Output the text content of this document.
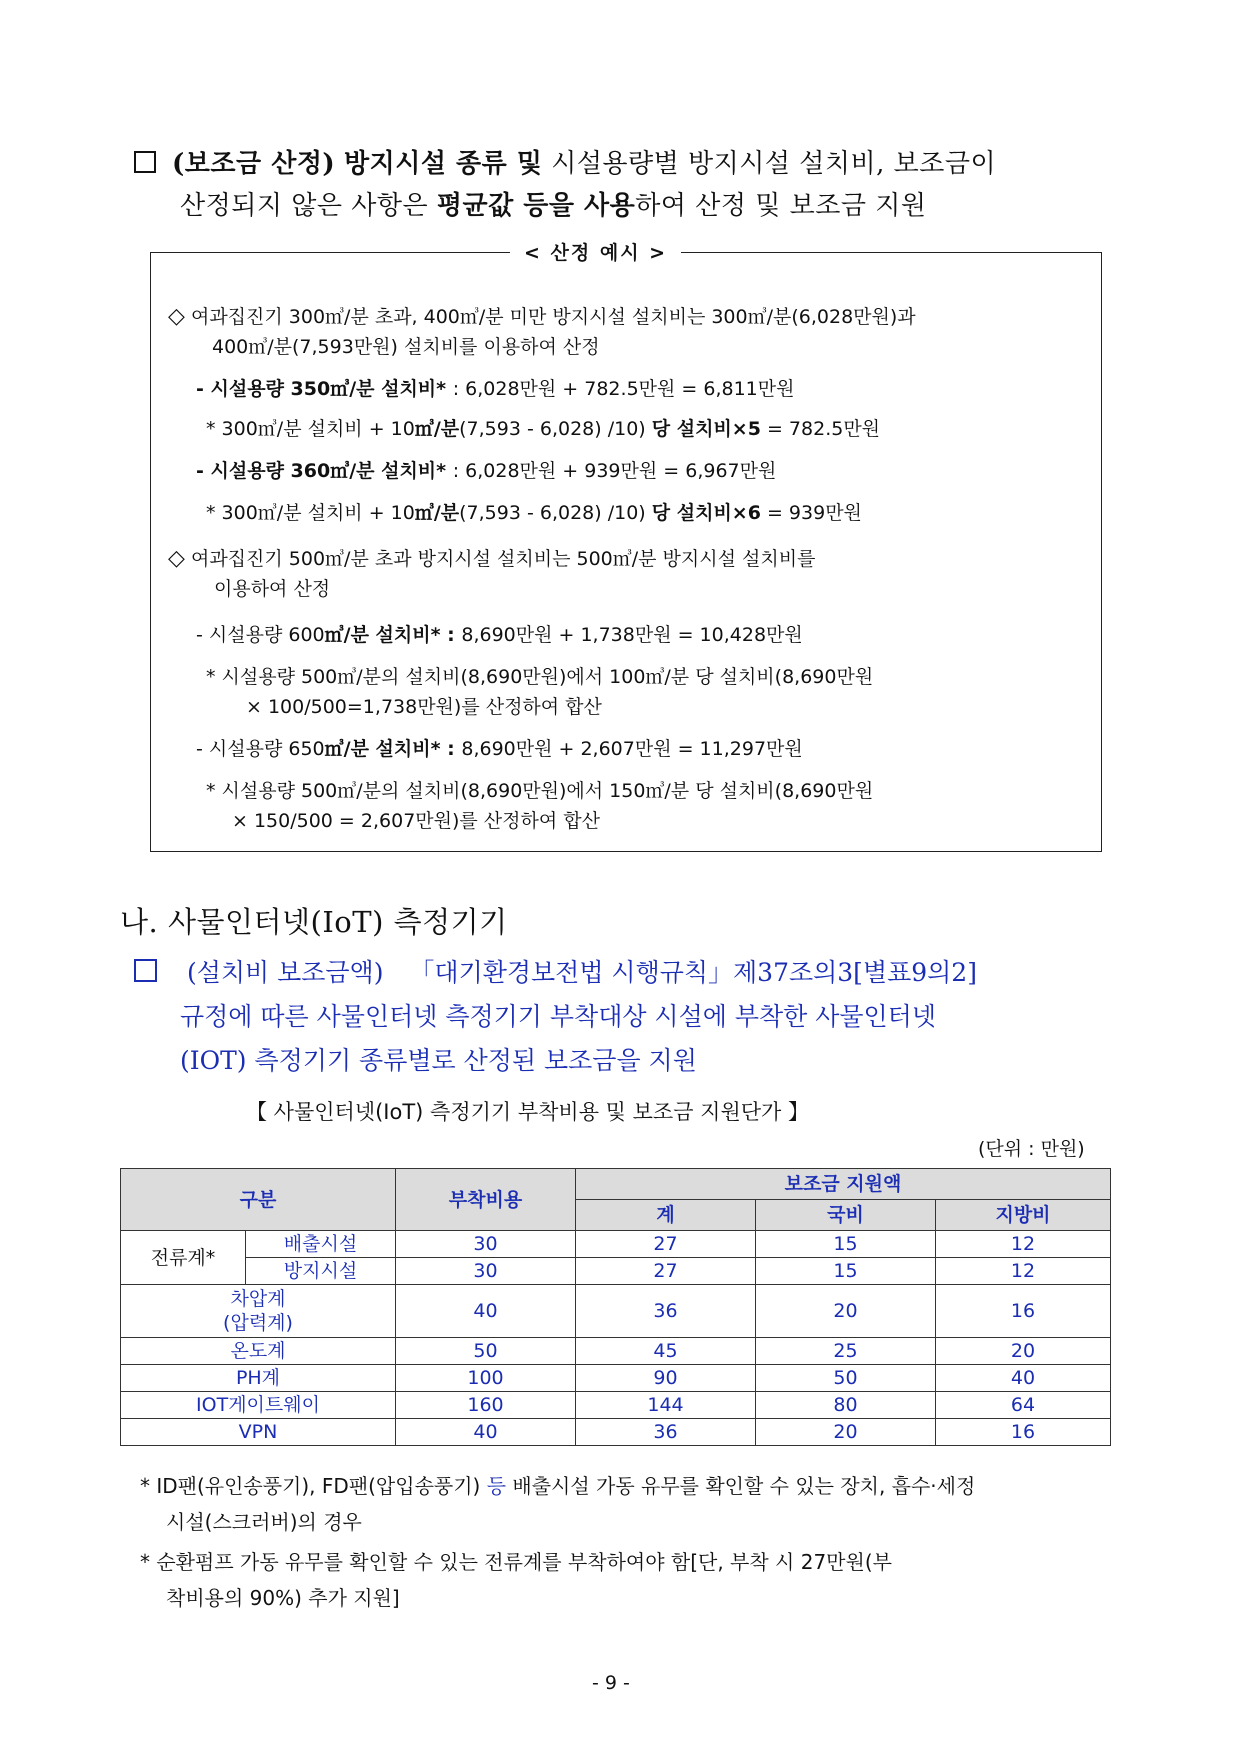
(보조금 산정) 방지시설 종류 및 시설용량별 방지시설 설치비, 보조금이
산정되지 않은 사항은 평균값 등을 사용하여 산정 및 보조금 지원
< 산정 예시 >
◇ 여과집진기 300㎥/분 초과, 400㎥/분 미만 방지시설 설치비는 300㎥/분(6,028만원)과
400㎥/분(7,593만원) 설치비를 이용하여 산정
- 시설용량 350㎥/분 설치비* : 6,028만원 + 782.5만원 = 6,811만원
* 300㎥/분 설치비 + 10㎥/분(7,593 - 6,028) /10) 당 설치비×5 = 782.5만원
- 시설용량 360㎥/분 설치비* : 6,028만원 + 939만원 = 6,967만원
* 300㎥/분 설치비 + 10㎥/분(7,593 - 6,028) /10) 당 설치비×6 = 939만원
◇ 여과집진기 500㎥/분 초과 방지시설 설치비는 500㎥/분 방지시설 설치비를
이용하여 산정
- 시설용량 600㎥/분 설치비* : 8,690만원 + 1,738만원 = 10,428만원
* 시설용량 500㎥/분의 설치비(8,690만원)에서 100㎥/분 당 설치비(8,690만원
× 100/500=1,738만원)를 산정하여 합산
- 시설용량 650㎥/분 설치비* : 8,690만원 + 2,607만원 = 11,297만원
* 시설용량 500㎥/분의 설치비(8,690만원)에서 150㎥/분 당 설치비(8,690만원
× 150/500 = 2,607만원)를 산정하여 합산
나. 사물인터넷(IoT) 측정기기
(설치비 보조금액) 「대기환경보전법 시행규칙」제37조의3[별표9의2]
규정에 따른 사물인터넷 측정기기 부착대상 시설에 부착한 사물인터넷
(IOT) 측정기기 종류별로 산정된 보조금을 지원
【 사물인터넷(IoT) 측정기기 부착비용 및 보조금 지원단가 】
(단위 : 만원)
구분		부착비용	보조금 지원액		
			계	국비	지방비
전류계*	배출시설	30	27	15	12
	방지시설	30	27	15	12

차압계
(압력계)		40	36	20	16
온도계		50	45	25	20
PH계		100	90	50	40
IOT게이트웨이		160	144	80	64
VPN		40	36	20	16
* ID팬(유인송풍기), FD팬(압입송풍기) 등 배출시설 가동 유무를 확인할 수 있는 장치, 흡수·세정
시설(스크러버)의 경우
* 순환펌프 가동 유무를 확인할 수 있는 전류계를 부착하여야 함[단, 부착 시 27만원(부
착비용의 90%) 추가 지원]
- 9 -
